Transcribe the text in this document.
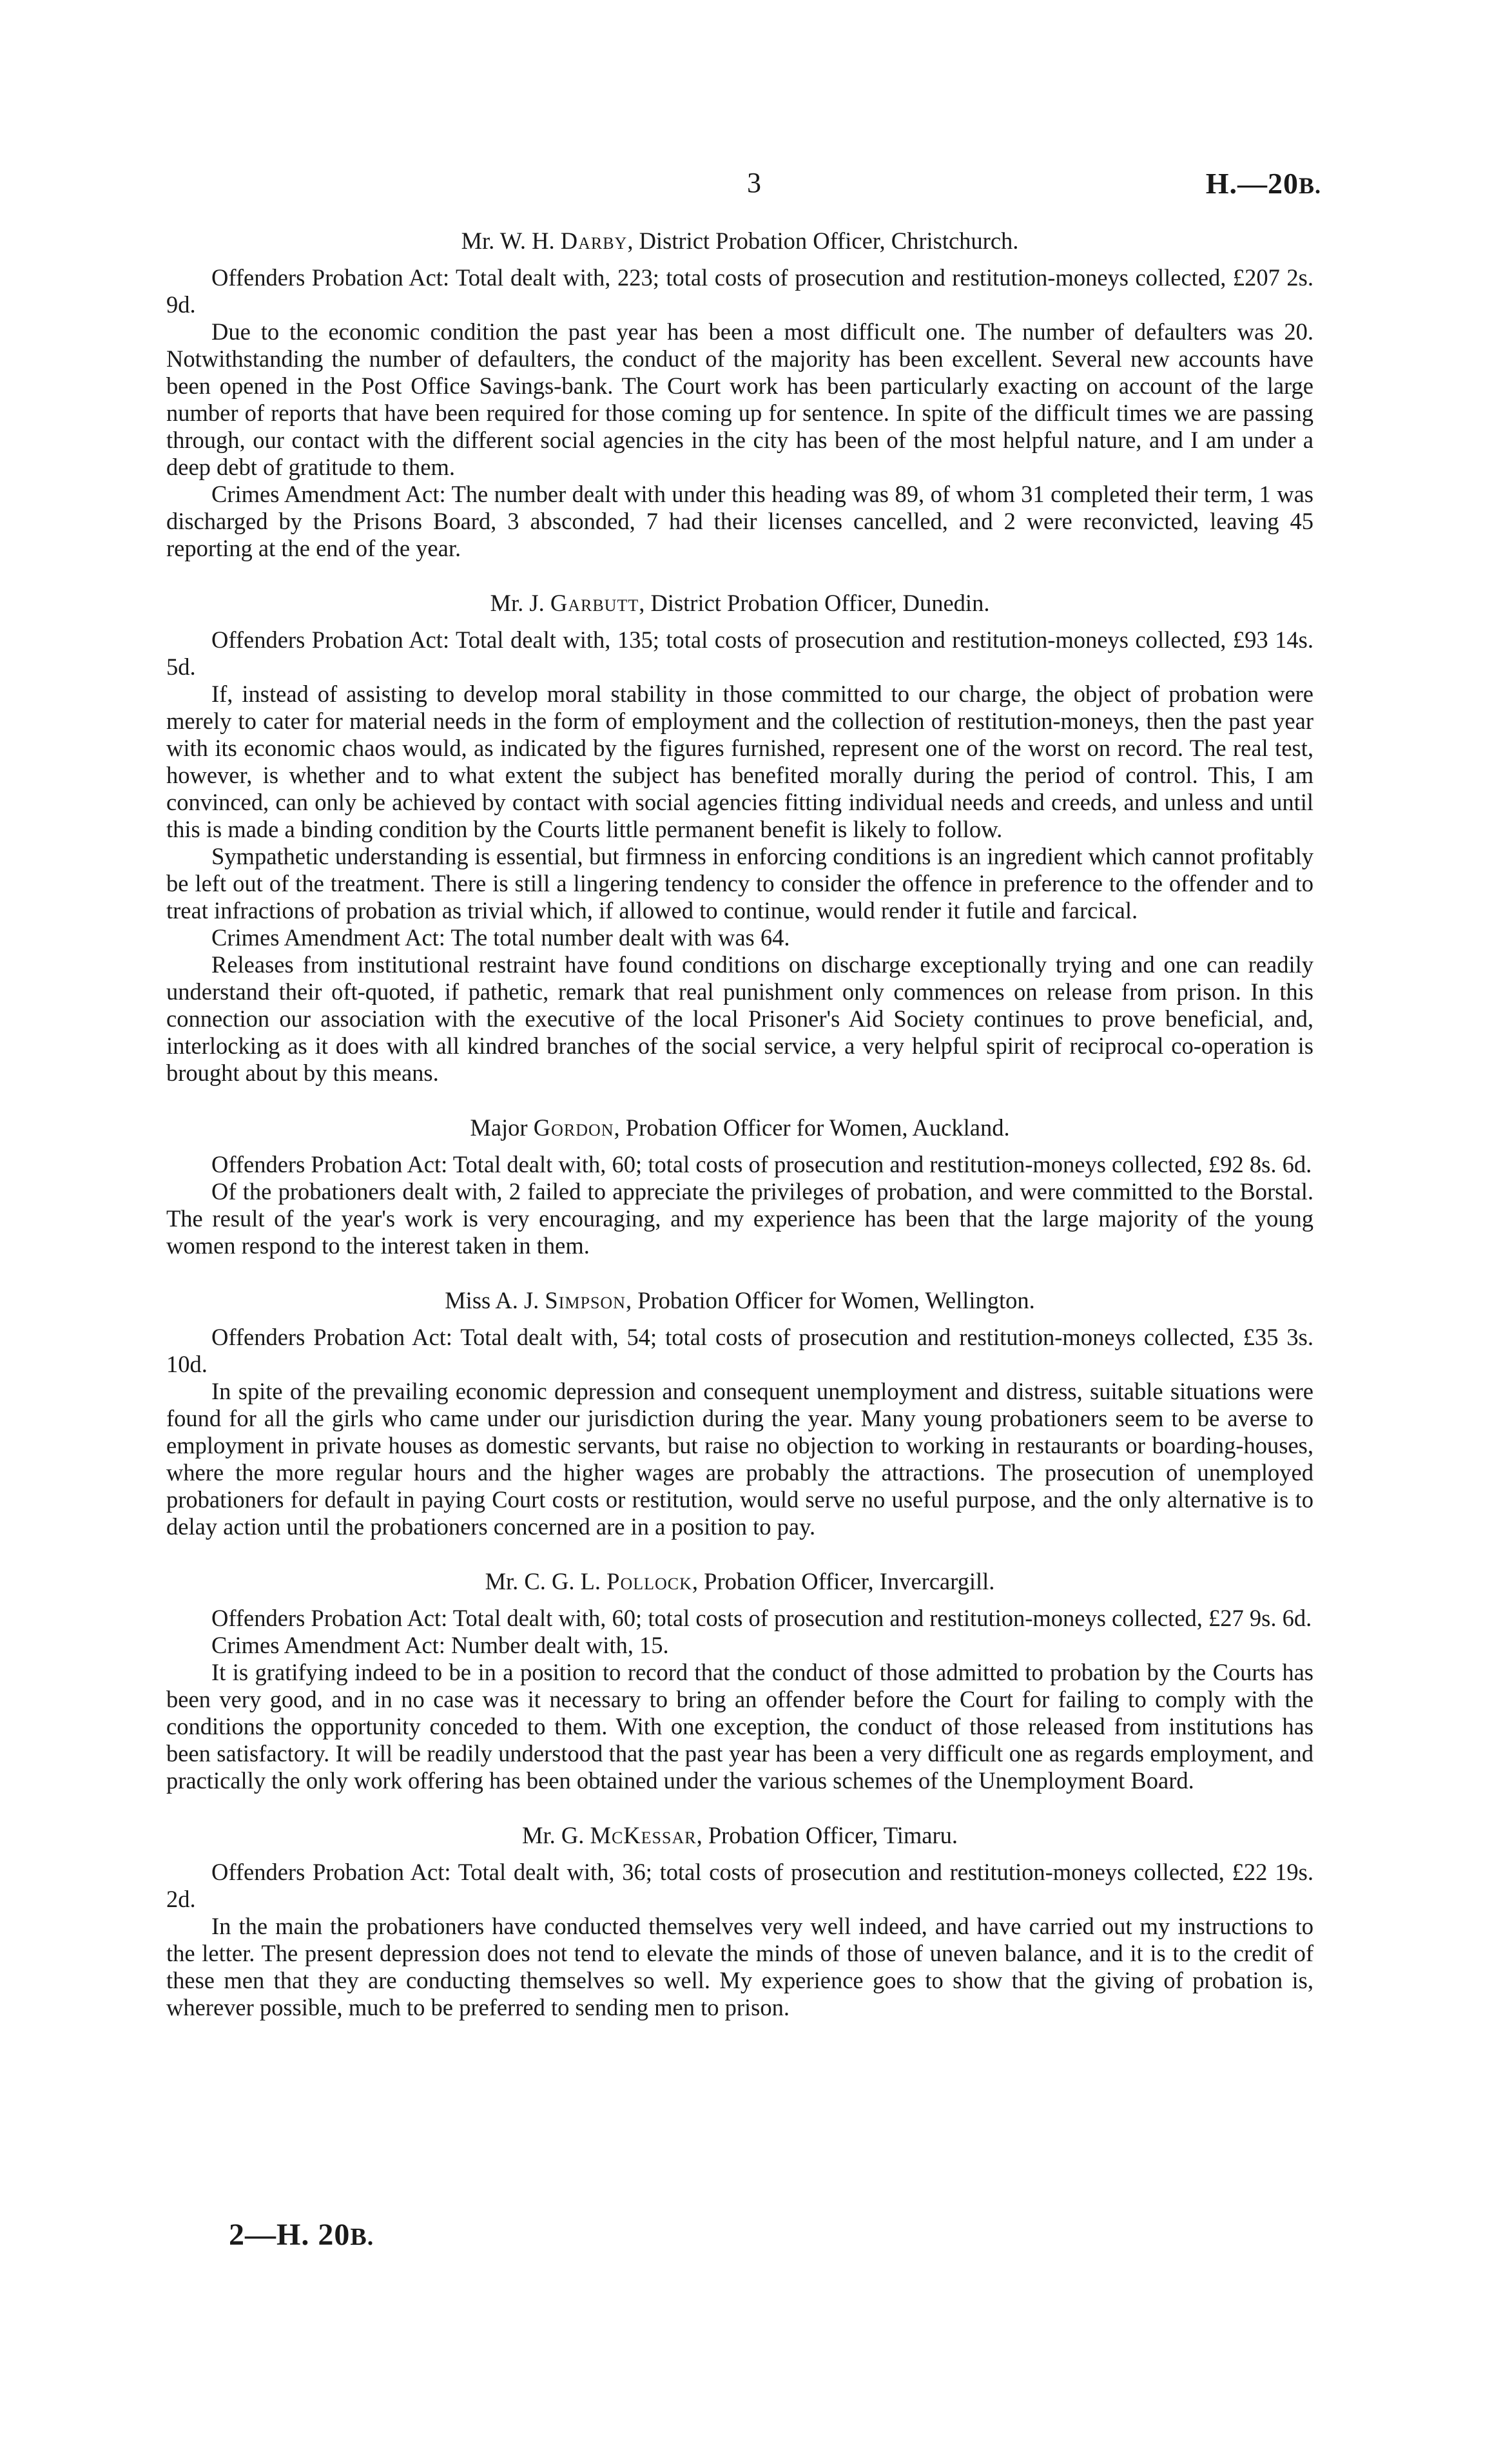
3	H.—20B.
Mr. W. H. Darby, District Probation Officer, Christchurch.

Offenders Probation Act: Total dealt with, 223; total costs of prosecution and restitution-moneys collected, £207 2s. 9d.

Due to the economic condition the past year has been a most difficult one. The number of defaulters was 20. Notwithstanding the number of defaulters, the conduct of the majority has been excellent. Several new accounts have been opened in the Post Office Savings-bank. The Court work has been particularly exacting on account of the large number of reports that have been required for those coming up for sentence. In spite of the difficult times we are passing through, our contact with the different social agencies in the city has been of the most helpful nature, and I am under a deep debt of gratitude to them.

Crimes Amendment Act: The number dealt with under this heading was 89, of whom 31 completed their term, 1 was discharged by the Prisons Board, 3 absconded, 7 had their licenses cancelled, and 2 were reconvicted, leaving 45 reporting at the end of the year.

Mr. J. Garbutt, District Probation Officer, Dunedin.

Offenders Probation Act: Total dealt with, 135; total costs of prosecution and restitution-moneys collected, £93 14s. 5d.

If, instead of assisting to develop moral stability in those committed to our charge, the object of probation were merely to cater for material needs in the form of employment and the collection of restitution-moneys, then the past year with its economic chaos would, as indicated by the figures furnished, represent one of the worst on record. The real test, however, is whether and to what extent the subject has benefited morally during the period of control. This, I am convinced, can only be achieved by contact with social agencies fitting individual needs and creeds, and unless and until this is made a binding condition by the Courts little permanent benefit is likely to follow.

Sympathetic understanding is essential, but firmness in enforcing conditions is an ingredient which cannot profitably be left out of the treatment. There is still a lingering tendency to consider the offence in preference to the offender and to treat infractions of probation as trivial which, if allowed to continue, would render it futile and farcical.

Crimes Amendment Act: The total number dealt with was 64.

Releases from institutional restraint have found conditions on discharge exceptionally trying and one can readily understand their oft-quoted, if pathetic, remark that real punishment only commences on release from prison. In this connection our association with the executive of the local Prisoner's Aid Society continues to prove beneficial, and, interlocking as it does with all kindred branches of the social service, a very helpful spirit of reciprocal co-operation is brought about by this means.

Major Gordon, Probation Officer for Women, Auckland.

Offenders Probation Act: Total dealt with, 60; total costs of prosecution and restitution-moneys collected, £92 8s. 6d.

Of the probationers dealt with, 2 failed to appreciate the privileges of probation, and were committed to the Borstal. The result of the year's work is very encouraging, and my experience has been that the large majority of the young women respond to the interest taken in them.

Miss A. J. Simpson, Probation Officer for Women, Wellington.

Offenders Probation Act: Total dealt with, 54; total costs of prosecution and restitution-moneys collected, £35 3s. 10d.

In spite of the prevailing economic depression and consequent unemployment and distress, suitable situations were found for all the girls who came under our jurisdiction during the year. Many young probationers seem to be averse to employment in private houses as domestic servants, but raise no objection to working in restaurants or boarding-houses, where the more regular hours and the higher wages are probably the attractions. The prosecution of unemployed probationers for default in paying Court costs or restitution, would serve no useful purpose, and the only alternative is to delay action until the probationers concerned are in a position to pay.

Mr. C. G. L. Pollock, Probation Officer, Invercargill.

Offenders Probation Act: Total dealt with, 60; total costs of prosecution and restitution-moneys collected, £27 9s. 6d.

Crimes Amendment Act: Number dealt with, 15.

It is gratifying indeed to be in a position to record that the conduct of those admitted to probation by the Courts has been very good, and in no case was it necessary to bring an offender before the Court for failing to comply with the conditions the opportunity conceded to them. With one exception, the conduct of those released from institutions has been satisfactory. It will be readily understood that the past year has been a very difficult one as regards employment, and practically the only work offering has been obtained under the various schemes of the Unemployment Board.

Mr. G. McKessar, Probation Officer, Timaru.

Offenders Probation Act: Total dealt with, 36; total costs of prosecution and restitution-moneys collected, £22 19s. 2d.

In the main the probationers have conducted themselves very well indeed, and have carried out my instructions to the letter. The present depression does not tend to elevate the minds of those of uneven balance, and it is to the credit of these men that they are conducting themselves so well. My experience goes to show that the giving of probation is, wherever possible, much to be preferred to sending men to prison.

2—H. 20B.
